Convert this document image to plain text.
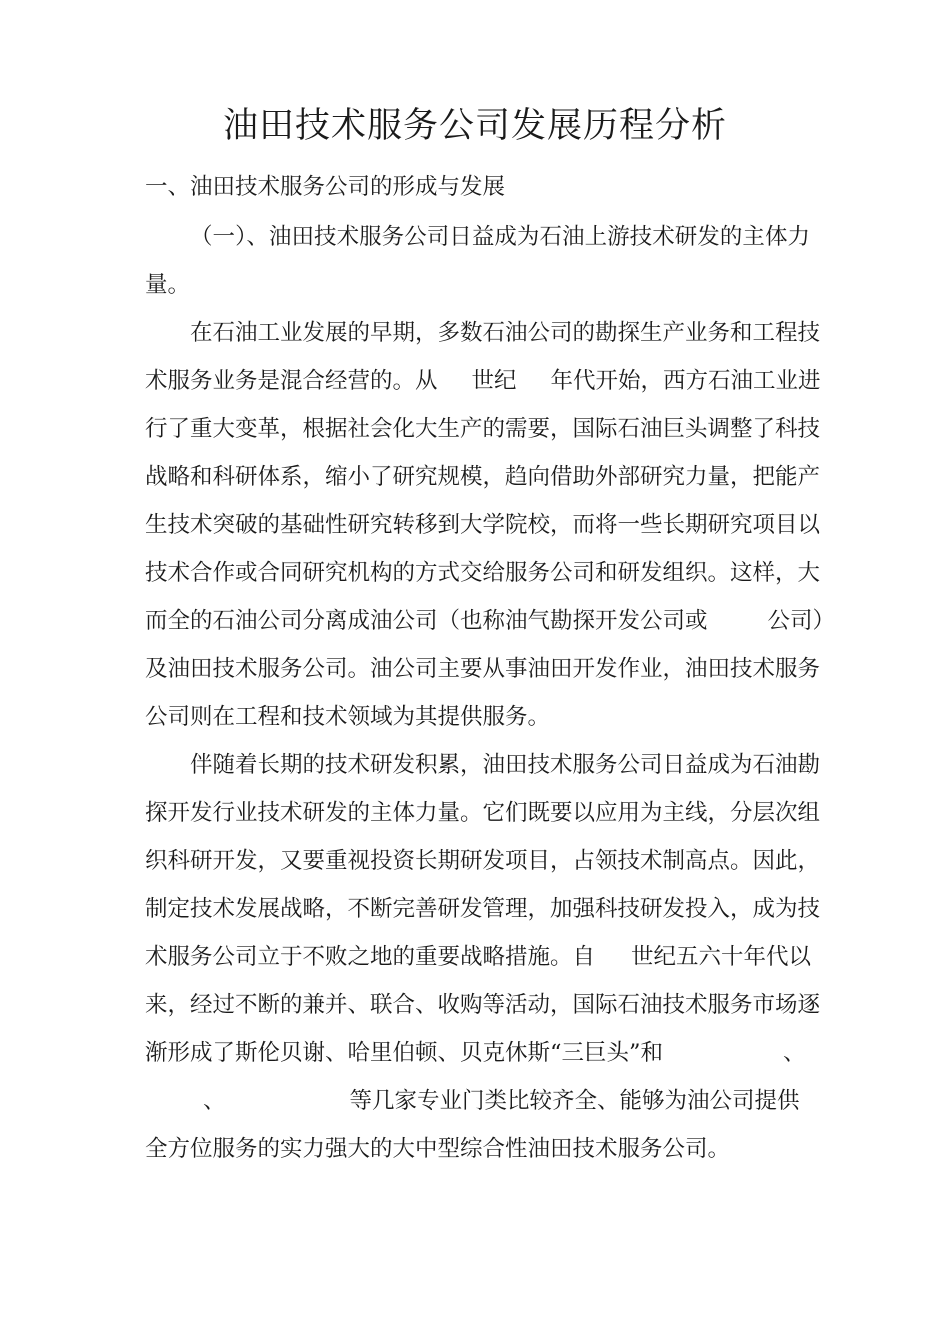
油田技术服务公司发展历程分析
一、油田技术服务公司的形成与发展
（一）、油田技术服务公司日益成为石油上游技术研发的主体力
量。
在石油工业发展的早期，多数石油公司的勘探生产业务和工程技
术服务业务是混合经营的。从 世纪 年代开始，西方石油工业进
行了重大变革，根据社会化大生产的需要，国际石油巨头调整了科技
战略和科研体系，缩小了研究规模，趋向借助外部研究力量，把能产
生技术突破的基础性研究转移到大学院校，而将一些长期研究项目以
技术合作或合同研究机构的方式交给服务公司和研发组织。这样，大
而全的石油公司分离成油公司（也称油气勘探开发公司或	公司）
及油田技术服务公司。油公司主要从事油田开发作业，油田技术服务
公司则在工程和技术领域为其提供服务。
伴随着长期的技术研发积累，油田技术服务公司日益成为石油勘
探开发行业技术研发的主体力量。它们既要以应用为主线，分层次组
织科研开发，又要重视投资长期研发项目，占领技术制高点。因此，
制定技术发展战略，不断完善研发管理，加强科技研发投入，成为技
术服务公司立于不败之地的重要战略措施。自 世纪五六十年代以
来，经过不断的兼并、联合、收购等活动，国际石油技术服务市场逐
渐形成了斯伦贝谢、哈里伯顿、贝克休斯“三巨头”和	、
、	等几家专业门类比较齐全、能够为油公司提供
全方位服务的实力强大的大中型综合性油田技术服务公司。
